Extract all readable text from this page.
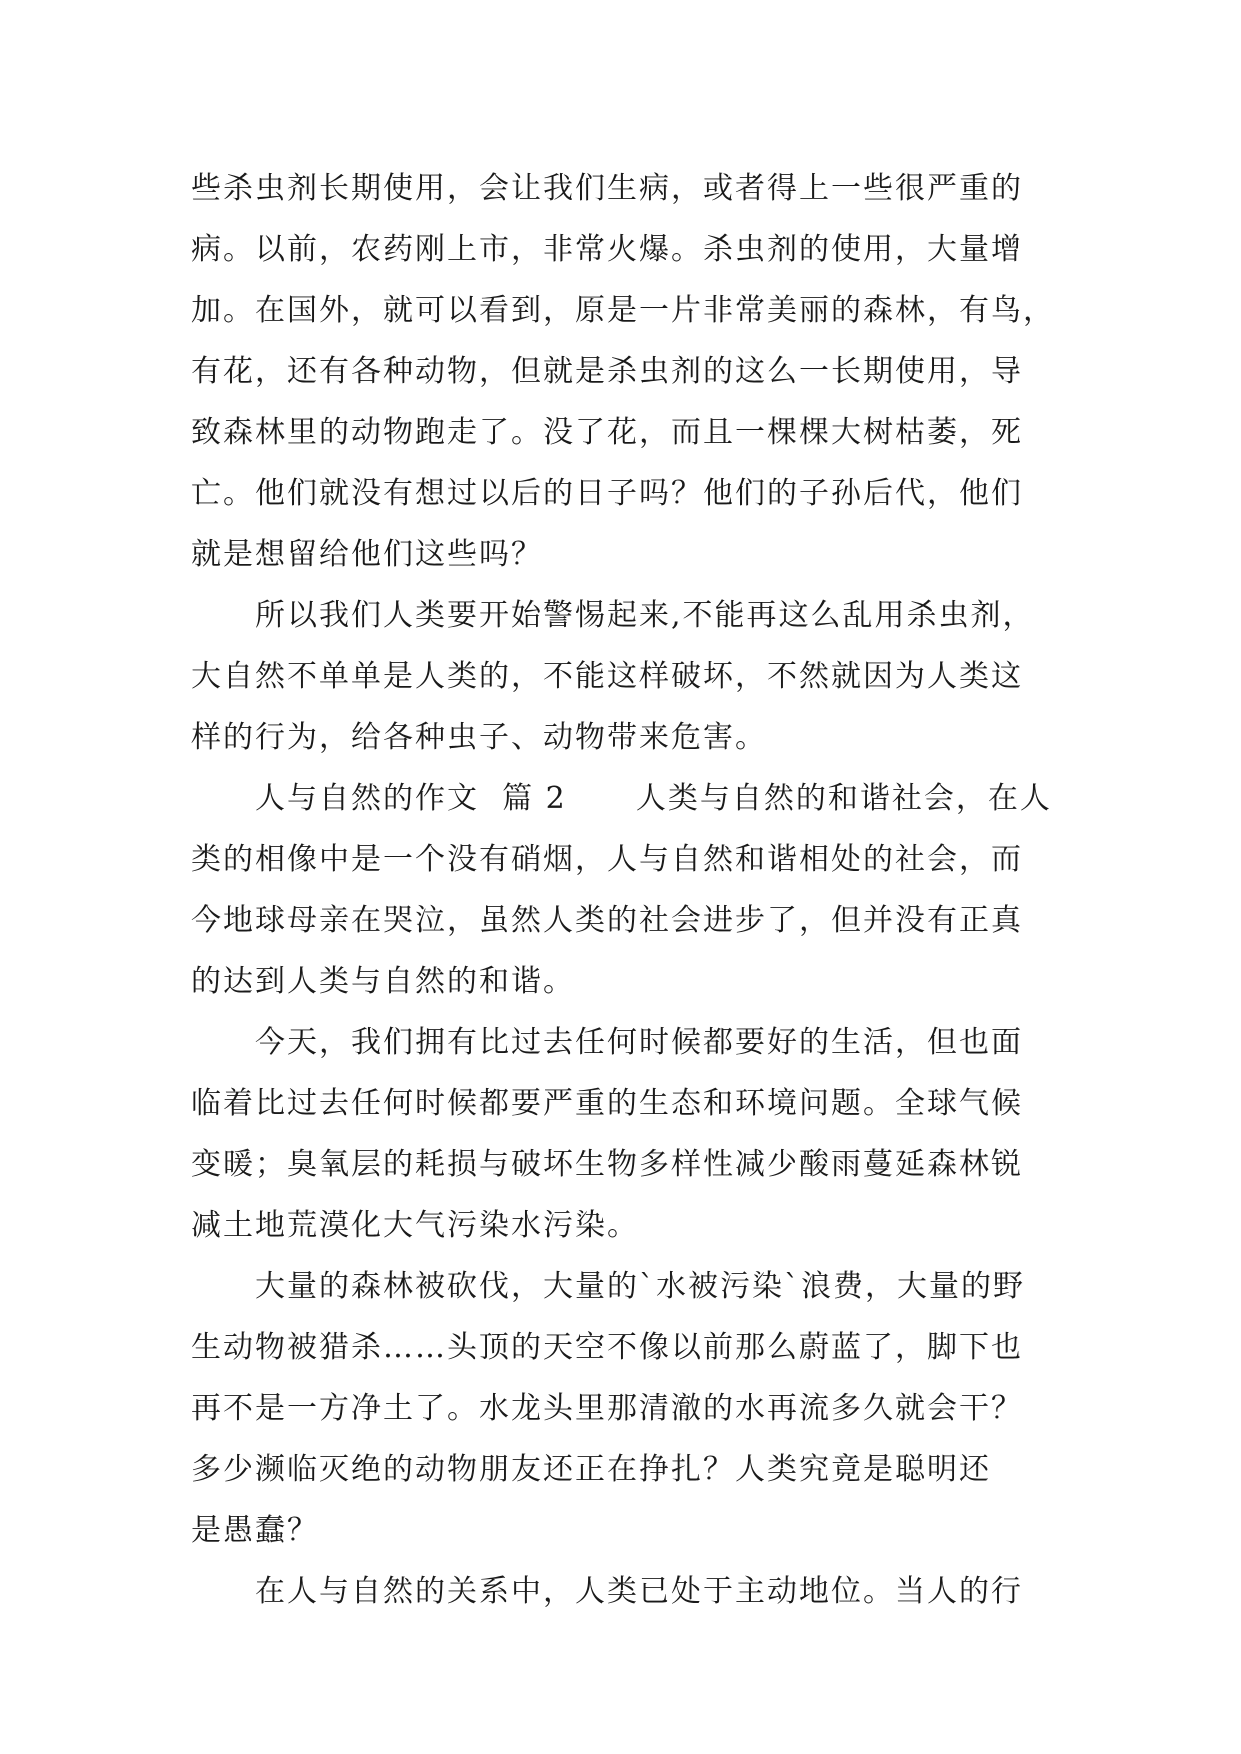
些杀虫剂长期使用，会让我们生病，或者得上一些很严重的
病。以前，农药刚上市，非常火爆。杀虫剂的使用，大量增
加。在国外，就可以看到，原是一片非常美丽的森林，有鸟，
有花，还有各种动物，但就是杀虫剂的这么一长期使用，导
致森林里的动物跑走了。没了花，而且一棵棵大树枯萎，死
亡。他们就没有想过以后的日子吗？他们的子孙后代，他们
就是想留给他们这些吗？
所以我们人类要开始警惕起来,不能再这么乱用杀虫剂，
大自然不单单是人类的，不能这样破坏，不然就因为人类这
样的行为，给各种虫子、动物带来危害。
人与自然的作文  篇 2      人类与自然的和谐社会，在人
类的相像中是一个没有硝烟，人与自然和谐相处的社会，而
今地球母亲在哭泣，虽然人类的社会进步了，但并没有正真
的达到人类与自然的和谐。
今天，我们拥有比过去任何时候都要好的生活，但也面
临着比过去任何时候都要严重的生态和环境问题。全球气候
变暖；臭氧层的耗损与破坏生物多样性减少酸雨蔓延森林锐
减土地荒漠化大气污染水污染。
大量的森林被砍伐，大量的`水被污染`浪费，大量的野
生动物被猎杀……头顶的天空不像以前那么蔚蓝了，脚下也
再不是一方净土了。水龙头里那清澈的水再流多久就会干？
多少濒临灭绝的动物朋友还正在挣扎？人类究竟是聪明还
是愚蠢？
在人与自然的关系中，人类已处于主动地位。当人的行
